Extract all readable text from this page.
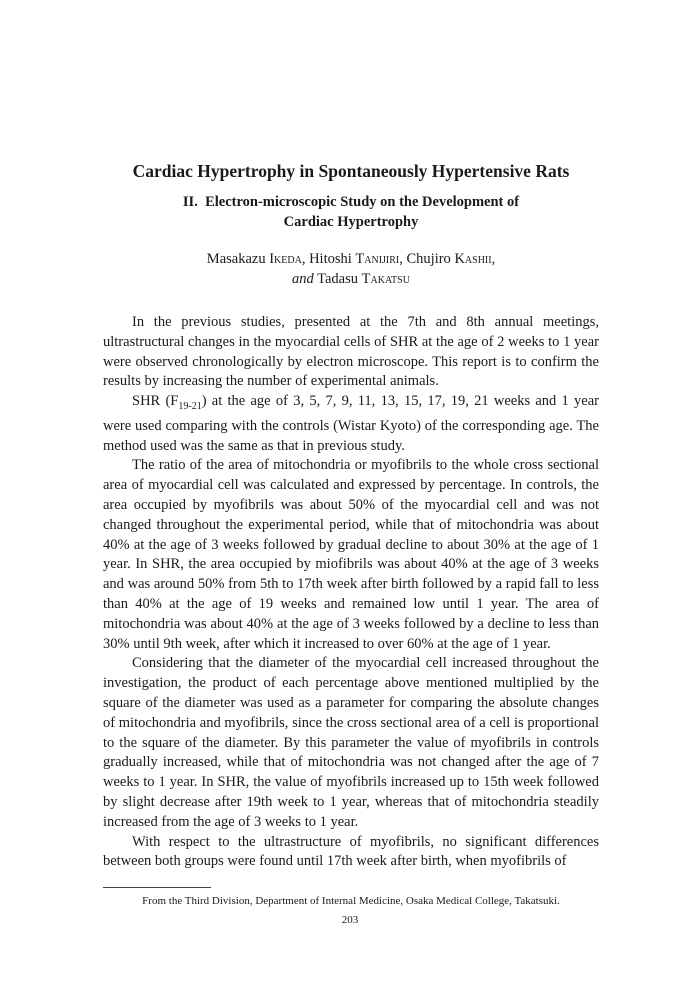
Cardiac Hypertrophy in Spontaneously Hypertensive Rats
II. Electron-microscopic Study on the Development of
Cardiac Hypertrophy
Masakazu Ikeda, Hitoshi Tanijiri, Chujiro Kashii,
and Tadasu Takatsu

In the previous studies, presented at the 7th and 8th annual meetings, ultrastructural changes in the myocardial cells of SHR at the age of 2 weeks to 1 year were observed chronologically by electron microscope. This report is to confirm the results by increasing the number of experimental animals.

SHR $(F_{19-21})$ at the age of 3, 5, 7, 9, 11, 13, 15, 17, 19, 21 weeks and 1 year were used comparing with the controls (Wistar Kyoto) of the corresponding age. The method used was the same as that in previous study.

The ratio of the area of mitochondria or myofibrils to the whole cross sectional area of myocardial cell was calculated and expressed by percentage. In controls, the area occupied by myofibrils was about 50% of the myocardial cell and was not changed throughout the experimental period, while that of mitochondria was about 40% at the age of 3 weeks followed by gradual decline to about 30% at the age of 1 year. In SHR, the area occupied by miofibrils was about 40% at the age of 3 weeks and was around 50% from 5th to 17th week after birth followed by a rapid fall to less than 40% at the age of 19 weeks and remained low until 1 year. The area of mitochondria was about 40% at the age of 3 weeks followed by a decline to less than 30% until 9th week, after which it increased to over 60% at the age of 1 year.

Considering that the diameter of the myocardial cell increased throughout the investigation, the product of each percentage above mentioned multiplied by the square of the diameter was used as a parameter for comparing the absolute changes of mitochondria and myofibrils, since the cross sectional area of a cell is proportional to the square of the diameter. By this parameter the value of myofibrils in controls gradually increased, while that of mitochondria was not changed after the age of 7 weeks to 1 year. In SHR, the value of myofibrils increased up to 15th week followed by slight decrease after 19th week to 1 year, whereas that of mitochondria steadily increased from the age of 3 weeks to 1 year.

With respect to the ultrastructure of myofibrils, no significant differences between both groups were found until 17th week after birth, when myofibrils of

From the Third Division, Department of Internal Medicine, Osaka Medical College, Takatsuki.
203
